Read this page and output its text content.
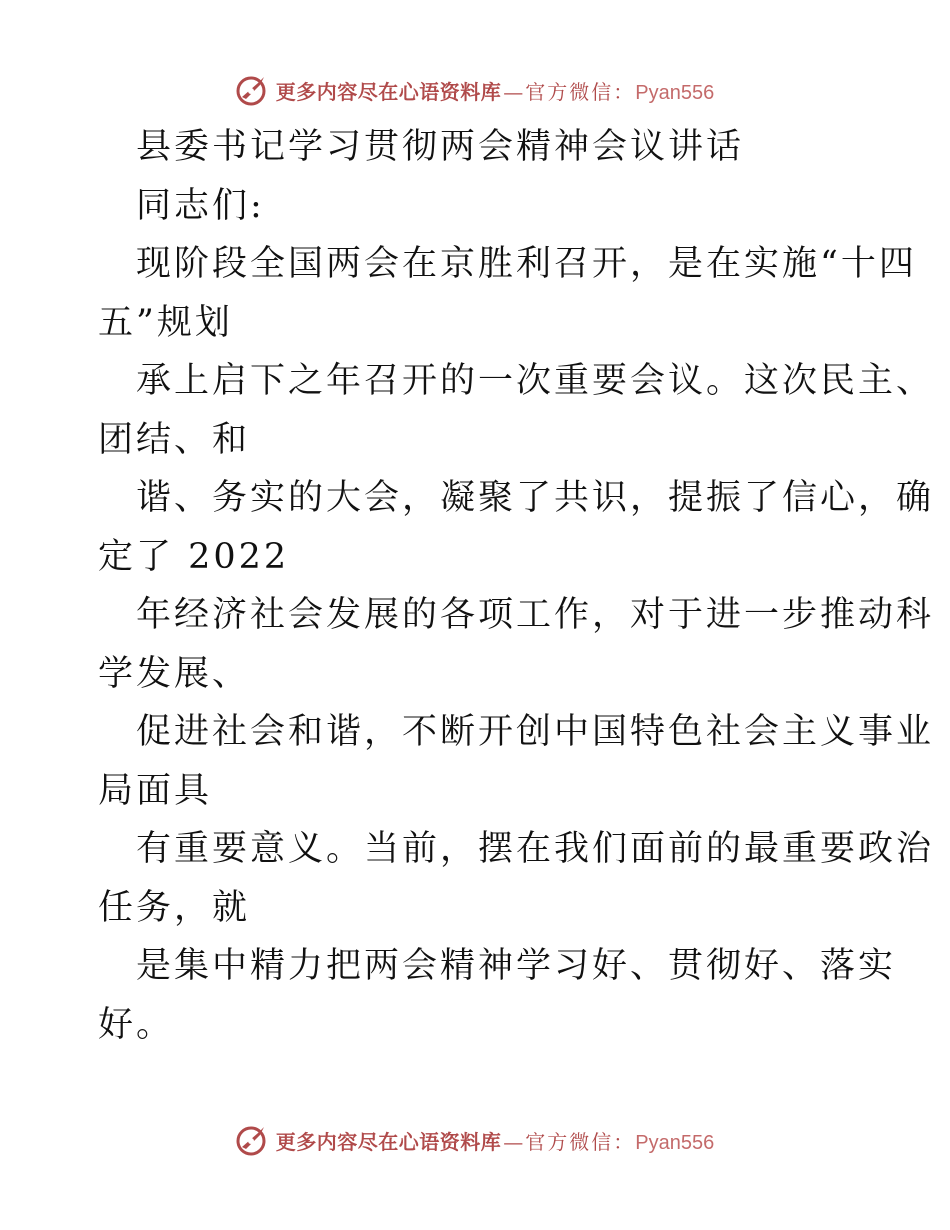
更多内容尽在心语资料库 — 官方微信： Pyan556
县委书记学习贯彻两会精神会议讲话
同志们:
现阶段全国两会在京胜利召开，是在实施“十四
五”规划
承上启下之年召开的一次重要会议。这次民主、
团结、和
谐、务实的大会，凝聚了共识，提振了信心，确
定了 2022
年经济社会发展的各项工作，对于进一步推动科
学发展、
促进社会和谐，不断开创中国特色社会主义事业
局面具
有重要意义。当前，摆在我们面前的最重要政治
任务，就
是集中精力把两会精神学习好、贯彻好、落实
好。
更多内容尽在心语资料库 — 官方微信： Pyan556
